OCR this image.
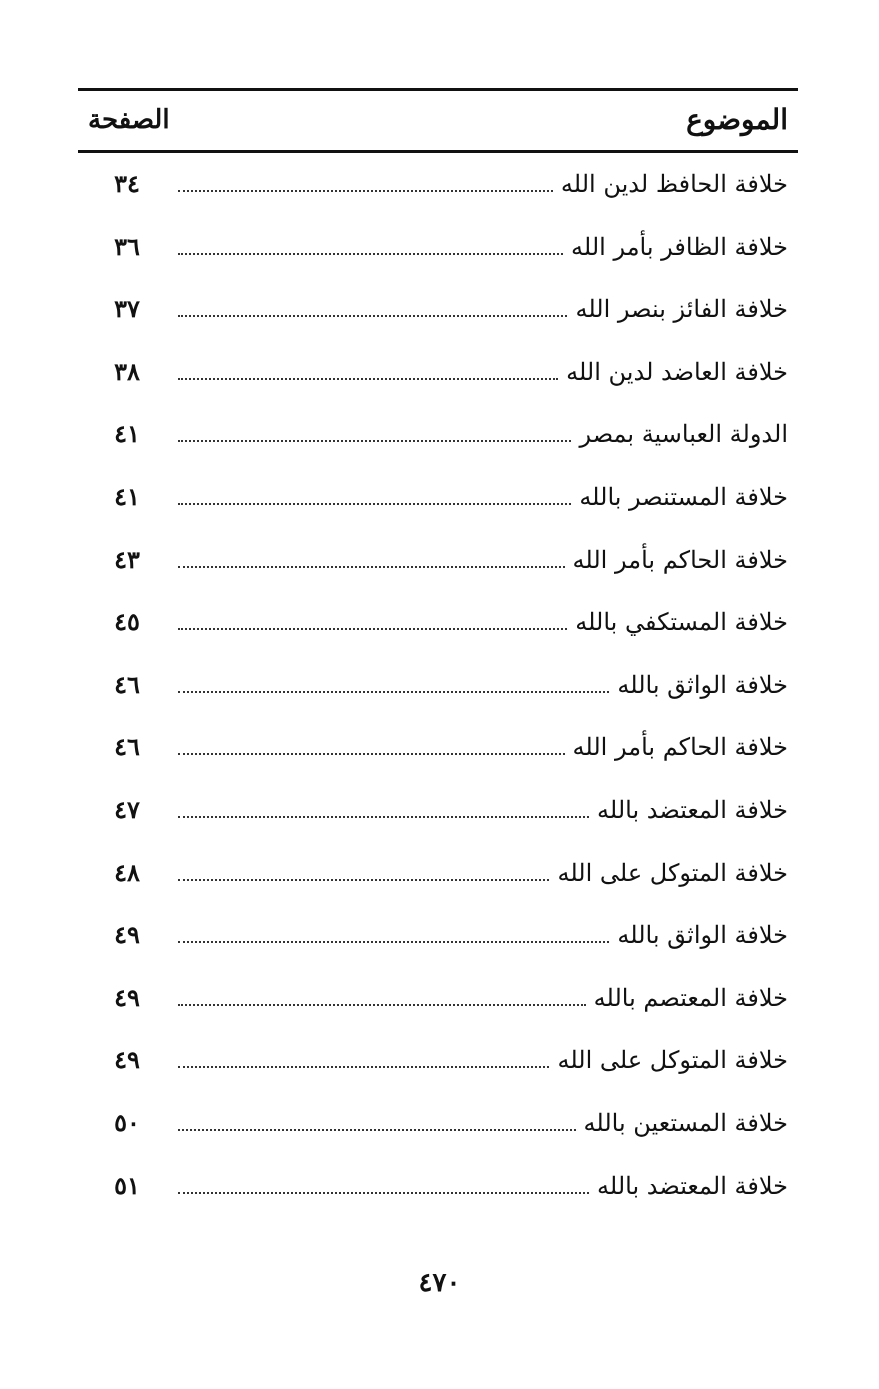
الموضوع
الصفحة
خلافة الحافظ لدين الله
٣٤
خلافة الظافر بأمر الله
٣٦
خلافة الفائز بنصر الله
٣٧
خلافة العاضد لدين الله
٣٨
الدولة العباسية بمصر
٤١
خلافة المستنصر بالله
٤١
خلافة الحاكم بأمر الله
٤٣
خلافة المستكفي بالله
٤٥
خلافة الواثق بالله
٤٦
خلافة الحاكم بأمر الله
٤٦
خلافة المعتضد بالله
٤٧
خلافة المتوكل على الله
٤٨
خلافة الواثق بالله
٤٩
خلافة المعتصم بالله
٤٩
خلافة المتوكل على الله
٤٩
خلافة المستعين بالله
٥٠
خلافة المعتضد بالله
٥١
٤٧٠
